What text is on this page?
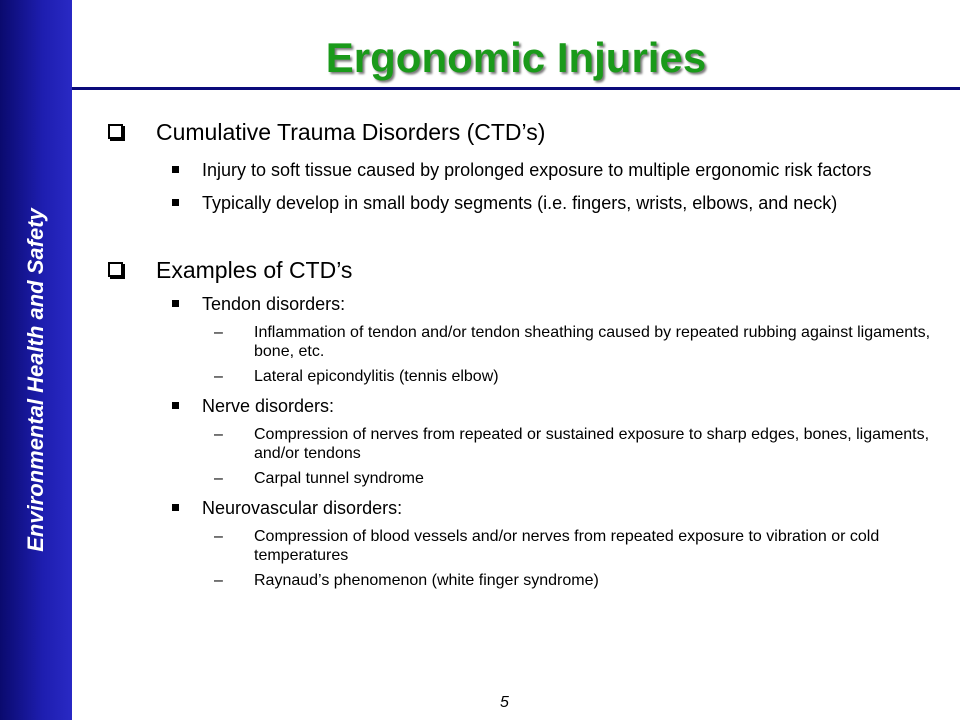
Environmental Health and Safety
Ergonomic Injuries
Cumulative Trauma Disorders (CTD’s)
Injury to soft tissue caused by prolonged exposure to multiple ergonomic risk factors
Typically develop in small body segments (i.e. fingers, wrists, elbows, and neck)
Examples of CTD’s
Tendon disorders:
– Inflammation of tendon and/or tendon sheathing caused by repeated rubbing against ligaments, bone, etc.
– Lateral epicondylitis (tennis elbow)
Nerve disorders:
– Compression of nerves from repeated or sustained exposure to sharp edges, bones, ligaments, and/or tendons
– Carpal tunnel syndrome
Neurovascular disorders:
– Compression of blood vessels and/or nerves from repeated exposure to vibration or cold temperatures
– Raynaud’s phenomenon (white finger syndrome)
5
